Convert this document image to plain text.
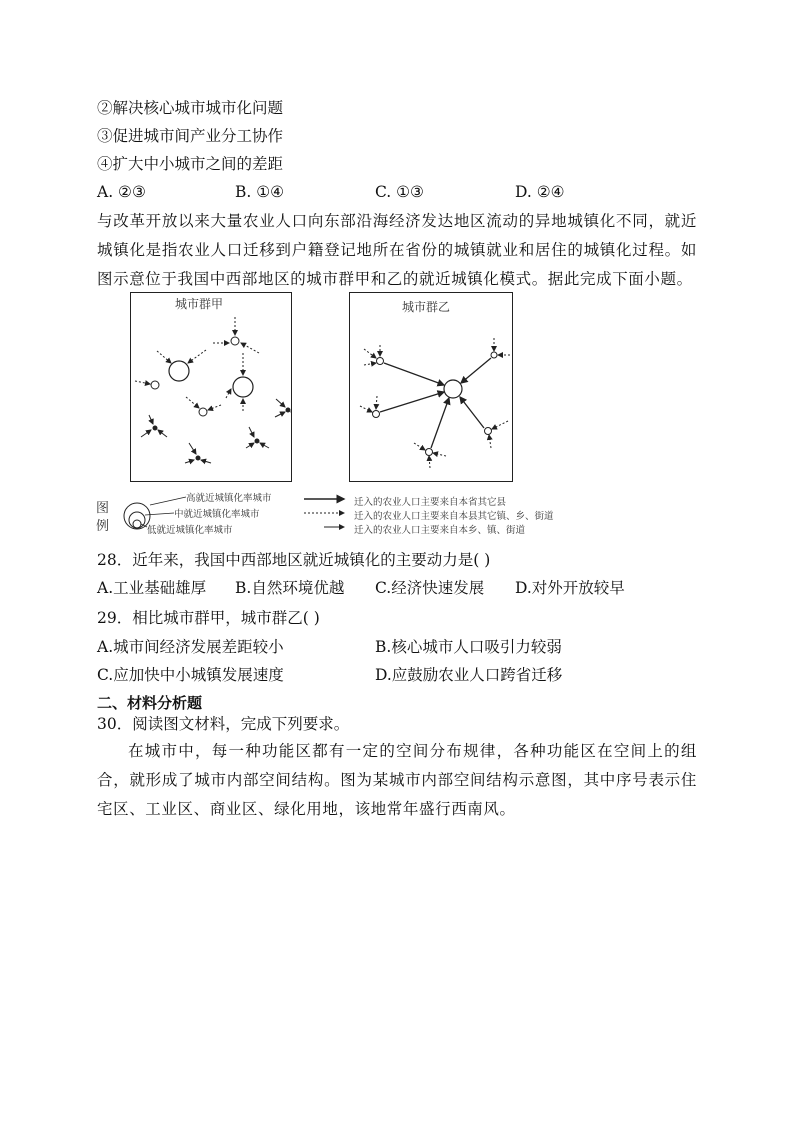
②解决核心城市城市化问题
③促进城市间产业分工协作
④扩大中小城市之间的差距
A. ②③	B. ①④	C. ①③	D. ②④
与改革开放以来大量农业人口向东部沿海经济发达地区流动的异地城镇化不同，就近城镇化是指农业人口迁移到户籍登记地所在省份的城镇就业和居住的城镇化过程。如图示意位于我国中西部地区的城市群甲和乙的就近城镇化模式。据此完成下面小题。
城市群甲	城市群乙
图
例
高就近城镇化率城市
中就近城镇化率城市
低就近城镇化率城市
迁入的农业人口主要来自本省其它县
迁入的农业人口主要来自本县其它镇、乡、街道
迁入的农业人口主要来自本乡、镇、街道
28．近年来，我国中西部地区就近城镇化的主要动力是( )
A.工业基础雄厚 B.自然环境优越 C.经济快速发展 D.对外开放较早
29．相比城市群甲，城市群乙( )
A.城市间经济发展差距较小	B.核心城市人口吸引力较弱
C.应加快中小城镇发展速度	D.应鼓励农业人口跨省迁移
二、材料分析题
30．阅读图文材料，完成下列要求。
在城市中，每一种功能区都有一定的空间分布规律，各种功能区在空间上的组合，就形成了城市内部空间结构。图为某城市内部空间结构示意图，其中序号表示住宅区、工业区、商业区、绿化用地，该地常年盛行西南风。
